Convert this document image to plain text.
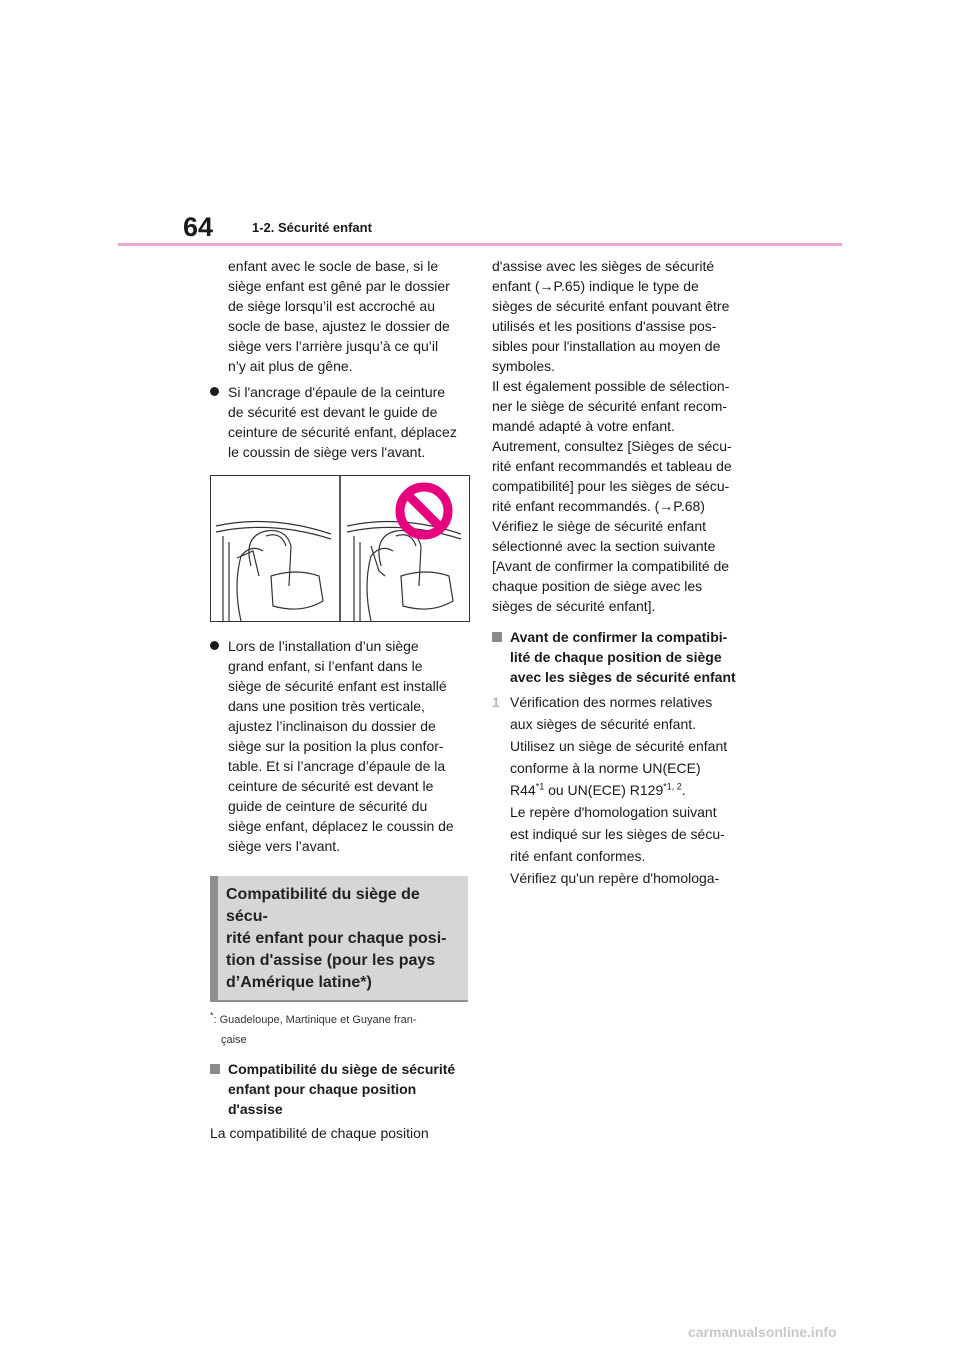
64	1-2. Sécurité enfant

enfant avec le socle de base, si le

siège enfant est gêné par le dossier

de siège lorsqu’il est accroché au

socle de base, ajustez le dossier de

siège vers l’arrière jusqu’à ce qu’il

n’y ait plus de gêne.

Si l'ancrage d'épaule de la ceinture

de sécurité est devant le guide de

ceinture de sécurité enfant, déplacez

le coussin de siège vers l'avant.

Lors de l’installation d’un siège

grand enfant, si l’enfant dans le

siège de sécurité enfant est installé

dans une position très verticale,

ajustez l’inclinaison du dossier de

siège sur la position la plus confor-

table. Et si l’ancrage d’épaule de la

ceinture de sécurité est devant le

guide de ceinture de sécurité du

siège enfant, déplacez le coussin de

siège vers l’avant.

Compatibilité du siège de sécu-

rité enfant pour chaque posi-

tion d'assise (pour les pays

d’Amérique latine*)

*: Guadeloupe, Martinique et Guyane fran-

çaise

Compatibilité du siège de sécurité

enfant pour chaque position

d'assise

La compatibilité de chaque position

d'assise avec les sièges de sécurité

enfant (→P.65) indique le type de

sièges de sécurité enfant pouvant être

utilisés et les positions d'assise pos-

sibles pour l'installation au moyen de

symboles.

Il est également possible de sélection-

ner le siège de sécurité enfant recom-

mandé adapté à votre enfant.

Autrement, consultez [Sièges de sécu-

rité enfant recommandés et tableau de

compatibilité] pour les sièges de sécu-

rité enfant recommandés. (→P.68)

Vérifiez le siège de sécurité enfant

sélectionné avec la section suivante

[Avant de confirmer la compatibilité de

chaque position de siège avec les

sièges de sécurité enfant].

Avant de confirmer la compatibi-

lité de chaque position de siège

avec les sièges de sécurité enfant

1 Vérification des normes relatives

aux sièges de sécurité enfant.

Utilisez un siège de sécurité enfant

conforme à la norme UN(ECE)

R44$^{*1}$ ou UN(ECE) R129$^{*1, 2}$.

Le repère d'homologation suivant

est indiqué sur les sièges de sécu-

rité enfant conformes.

Vérifiez qu'un repère d'homologa-

carmanualsonline.info
